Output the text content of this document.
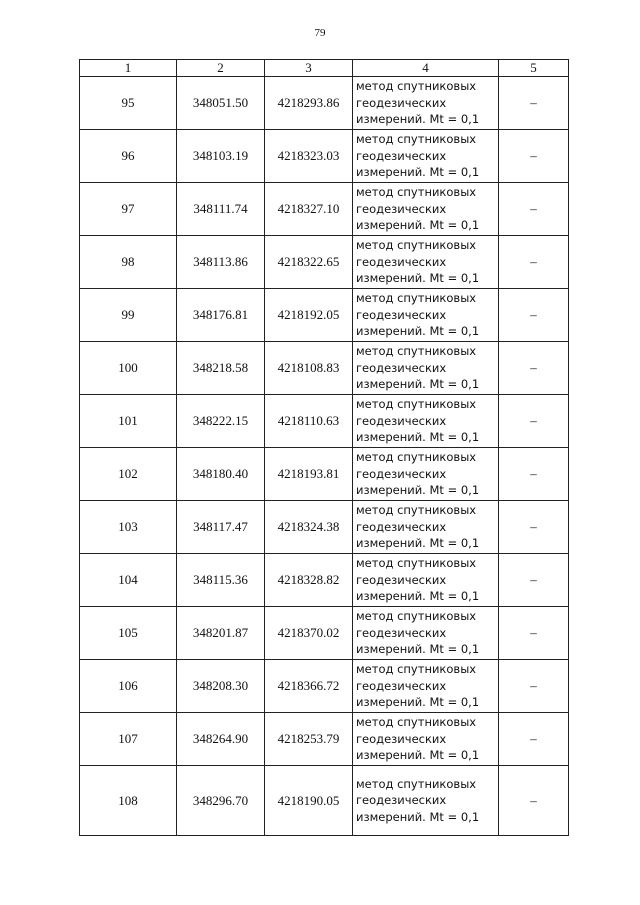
79
1	2	3	4	5
95	348051.50	4218293.86	метод спутниковых
геодезических
измерений. Mt = 0,1	–
96	348103.19	4218323.03	метод спутниковых
геодезических
измерений. Mt = 0,1	–
97	348111.74	4218327.10	метод спутниковых
геодезических
измерений. Mt = 0,1	–
98	348113.86	4218322.65	метод спутниковых
геодезических
измерений. Mt = 0,1	–
99	348176.81	4218192.05	метод спутниковых
геодезических
измерений. Mt = 0,1	–
100	348218.58	4218108.83	метод спутниковых
геодезических
измерений. Mt = 0,1	–
101	348222.15	4218110.63	метод спутниковых
геодезических
измерений. Mt = 0,1	–
102	348180.40	4218193.81	метод спутниковых
геодезических
измерений. Mt = 0,1	–
103	348117.47	4218324.38	метод спутниковых
геодезических
измерений. Mt = 0,1	–
104	348115.36	4218328.82	метод спутниковых
геодезических
измерений. Mt = 0,1	–
105	348201.87	4218370.02	метод спутниковых
геодезических
измерений. Mt = 0,1	–
106	348208.30	4218366.72	метод спутниковых
геодезических
измерений. Mt = 0,1	–
107	348264.90	4218253.79	метод спутниковых
геодезических
измерений. Mt = 0,1	–
108	348296.70	4218190.05	метод спутниковых
геодезических
измерений. Mt = 0,1	–
